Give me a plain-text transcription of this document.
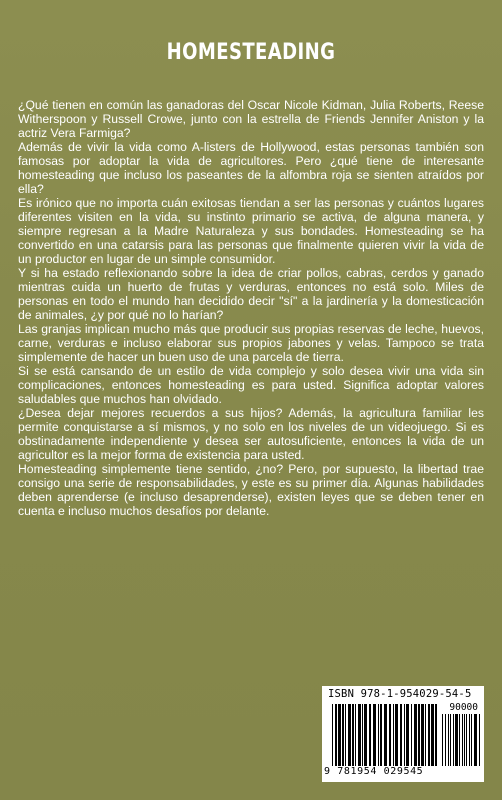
HOMESTEADING

¿Qué tienen en común las ganadoras del Oscar Nicole Kidman, Julia Roberts, Reese Witherspoon y Russell Crowe, junto con la estrella de Friends Jennifer Aniston y la actriz Vera Farmiga?

Además de vivir la vida como A-listers de Hollywood, estas personas también son famosas por adoptar la vida de agricultores. Pero ¿qué tiene de interesante homesteading que incluso los paseantes de la alfombra roja se sienten atraídos por ella?

Es irónico que no importa cuán exitosas tiendan a ser las personas y cuántos lugares diferentes visiten en la vida, su instinto primario se activa, de alguna manera, y siempre regresan a la Madre Naturaleza y sus bondades. Homesteading se ha convertido en una catarsis para las personas que finalmente quieren vivir la vida de un productor en lugar de un simple consumidor.

Y si ha estado reflexionando sobre la idea de criar pollos, cabras, cerdos y ganado mientras cuida un huerto de frutas y verduras, entonces no está solo. Miles de personas en todo el mundo han decidido decir "sí" a la jardinería y la domesticación de animales, ¿y por qué no lo harían?

Las granjas implican mucho más que producir sus propias reservas de leche, huevos, carne, verduras e incluso elaborar sus propios jabones y velas. Tampoco se trata simplemente de hacer un buen uso de una parcela de tierra.

Si se está cansando de un estilo de vida complejo y solo desea vivir una vida sin complicaciones, entonces homesteading es para usted. Significa adoptar valores saludables que muchos han olvidado.

¿Desea dejar mejores recuerdos a sus hijos? Además, la agricultura familiar les permite conquistarse a sí mismos, y no solo en los niveles de un videojuego. Si es obstinadamente independiente y desea ser autosuficiente, entonces la vida de un agricultor es la mejor forma de existencia para usted.

Homesteading simplemente tiene sentido, ¿no? Pero, por supuesto, la libertad trae consigo una serie de responsabilidades, y este es su primer día. Algunas habilidades deben aprenderse (e incluso desaprenderse), existen leyes que se deben tener en cuenta e incluso muchos desafíos por delante.

ISBN 978-1-954029-54-5
90000
9 781954 029545
